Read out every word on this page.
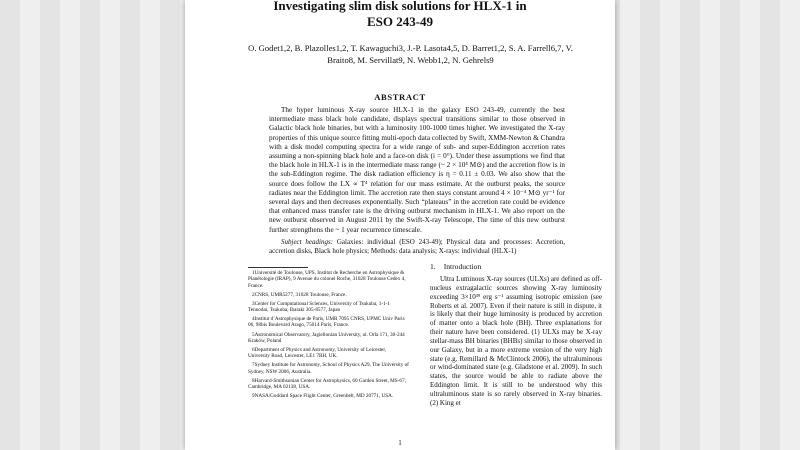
Investigating slim disk solutions for HLX-1 in
ESO 243-49
O. Godet1,2, B. Plazolles1,2, T. Kawaguchi3, J.-P. Lasota4,5, D. Barret1,2, S. A. Farrell6,7, V.
Braito8, M. Servillat9, N. Webb1,2, N. Gehrels9
ABSTRACT
The hyper luminous X-ray source HLX-1 in the galaxy ESO 243-49, currently the best intermediate mass black hole candidate, displays spectral transitions similar to those observed in Galactic black hole binaries, but with a luminosity 100-1000 times higher. We investigated the X-ray properties of this unique source fitting multi-epoch data collected by Swift, XMM-Newton & Chandra with a disk model computing spectra for a wide range of sub- and super-Eddington accretion rates assuming a non-spinning black hole and a face-on disk (i = 0°). Under these assumptions we find that the black hole in HLX-1 is in the intermediate mass range (~ 2 × 10⁴ M⊙) and the accretion flow is in the sub-Eddington regime. The disk radiation efficiency is η = 0.11 ± 0.03. We also show that the source does follow the LX ∝ T⁴ relation for our mass estimate. At the outburst peaks, the source radiates near the Eddington limit. The accretion rate then stays constant around 4 × 10⁻⁴ M⊙ yr⁻¹ for several days and then decreases exponentially. Such “plateaus” in the accretion rate could be evidence that enhanced mass transfer rate is the driving outburst mechanism in HLX-1. We also report on the new outburst observed in August 2011 by the Swift-X-ray Telescope. The time of this new outburst further strengthens the ~ 1 year recurrence timescale.
Subject headings: Galaxies: individual (ESO 243-49); Physical data and processes: Accretion, accretion disks, Black hole physics; Methods: data analysis; X-rays: individual (HLX-1)
1Université de Toulouse, UPS, Institut de Recherche en Astrophysique & Planétologie (IRAP), 9 Avenue du colonel Roche, 31028 Toulouse Cedex 4, France.
2CNRS, UMR5277, 31028 Toulouse, France.
3Center for Computational Sciences, University of Tsukuba, 1-1-1 Tennodai, Tsukuba, Ibaraki 305-8577, Japan
4Institut d’Astrophysique de Paris, UMR 7095 CNRS, UPMC Univ Paris 06, 98bis Boulevard Arago, 75014 Paris, France.
5Astronomical Observatory, Jagiellonian University, ul. Orla 171, 30-244 Kraków, Poland
6Department of Physics and Astronomy, University of Leicester, University Road, Leicester, LE1 7RH, UK.
7Sydney Institute for Astronomy, School of Physics A29, The University of Sydney, NSW 2006, Australia.
8Harvard-Smithsonian Center for Astrophysics, 60 Garden Street, MS-67, Cambridge, MA 02138, USA.
9NASA/Goddard Space Flight Center, Greenbelt, MD 20771, USA.
1. Introduction
Ultra Luminous X-ray sources (ULXs) are defined as off-nucleus extragalactic sources showing X-ray luminosity exceeding 3×10³⁹ erg s⁻¹ assuming isotropic emission (see Roberts et al. 2007). Even if their nature is still in dispute, it is likely that their huge luminosity is produced by accretion of matter onto a black hole (BH). Three explanations for their nature have been considered. (1) ULXs may be X-ray stellar-mass BH binaries (BHBs) similar to those observed in our Galaxy, but in a more extreme version of the very high state (e.g. Remillard & McClintock 2006), the ultraluminous or wind-dominated state (e.g. Gladstone et al. 2009). In such states, the source would be able to radiate above the Eddington limit. It is still to be understood why this ultraluminous state is so rarely observed in X-ray binaries. (2) King et
1
